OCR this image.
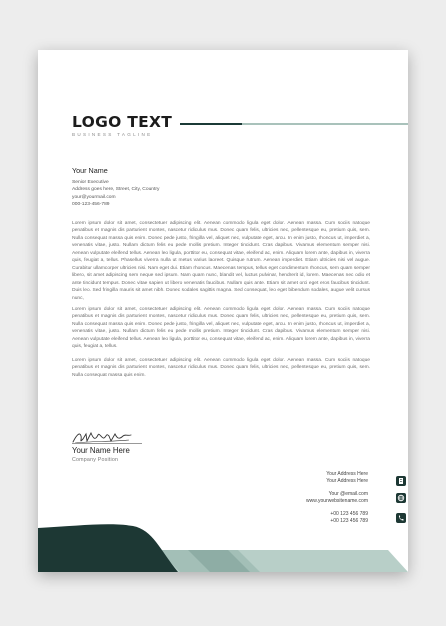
LOGO TEXT
BUSINESS TAGLINE
Your Name
Senior Executive
Address goes here, Street, City, Country
your@yourmail.com
000-123-456-789

Lorem ipsum dolor sit amet, consectetuer adipiscing elit. Aenean commodo ligula eget dolor. Aenean massa. Cum sociis natoque penatibus et magnis dis parturient montes, nascetur ridiculus mus. Donec quam felis, ultricies nec, pellentesque eu, pretium quis, sem. Nulla consequat massa quis enim. Donec pede justo, fringilla vel, aliquet nec, vulputate eget, arcu. In enim justo, rhoncus ut, imperdiet a, venenatis vitae, justo. Nullam dictum felis eu pede mollis pretium. Integer tincidunt. Cras dapibus. Vivamus elementum semper nisi. Aenean vulputate eleifend tellus. Aenean leo ligula, porttitor eu, consequat vitae, eleifend ac, enim. Aliquam lorem ante, dapibus in, viverra quis, feugiat a, tellus. Phasellus viverra nulla ut metus varius laoreet. Quisque rutrum. Aenean imperdiet. Etiam ultricies nisi vel augue. Curabitur ullamcorper ultricies nisi. Nam eget dui. Etiam rhoncus. Maecenas tempus, tellus eget condimentum rhoncus, sem quam semper libero, sit amet adipiscing sem neque sed ipsum. Nam quam nunc, blandit vel, luctus pulvinar, hendrerit id, lorem. Maecenas nec odio et ante tincidunt tempus. Donec vitae sapien ut libero venenatis faucibus. Nullam quis ante. Etiam sit amet orci eget eros faucibus tincidunt. Duis leo. Sed fringilla mauris sit amet nibh. Donec sodales sagittis magna. Sed consequat, leo eget bibendum sodales, augue velit cursus nunc,

Lorem ipsum dolor sit amet, consectetuer adipiscing elit. Aenean commodo ligula eget dolor. Aenean massa. Cum sociis natoque penatibus et magnis dis parturient montes, nascetur ridiculus mus. Donec quam felis, ultricies nec, pellentesque eu, pretium quis, sem. Nulla consequat massa quis enim. Donec pede justo, fringilla vel, aliquet nec, vulputate eget, arcu. In enim justo, rhoncus ut, imperdiet a, venenatis vitae, justo. Nullam dictum felis eu pede mollis pretium. Integer tincidunt. Cras dapibus. Vivamus elementum semper nisi. Aenean vulputate eleifend tellus. Aenean leo ligula, porttitor eu, consequat vitae, eleifend ac, enim. Aliquam lorem ante, dapibus in, viverra quis, feugiat a, tellus.

Lorem ipsum dolor sit amet, consectetuer adipiscing elit. Aenean commodo ligula eget dolor. Aenean massa. Cum sociis natoque penatibus et magnis dis parturient montes, nascetur ridiculus mus. Donec quam felis, ultricies nec, pellentesque eu, pretium quis, sem. Nulla consequat massa quis enim.

Your Name Here
Company Position
Your Address Here
Your Address Here
Your @email.com
www.yourwebsitename.com
+00 123 456 789
+00 123 456 789
